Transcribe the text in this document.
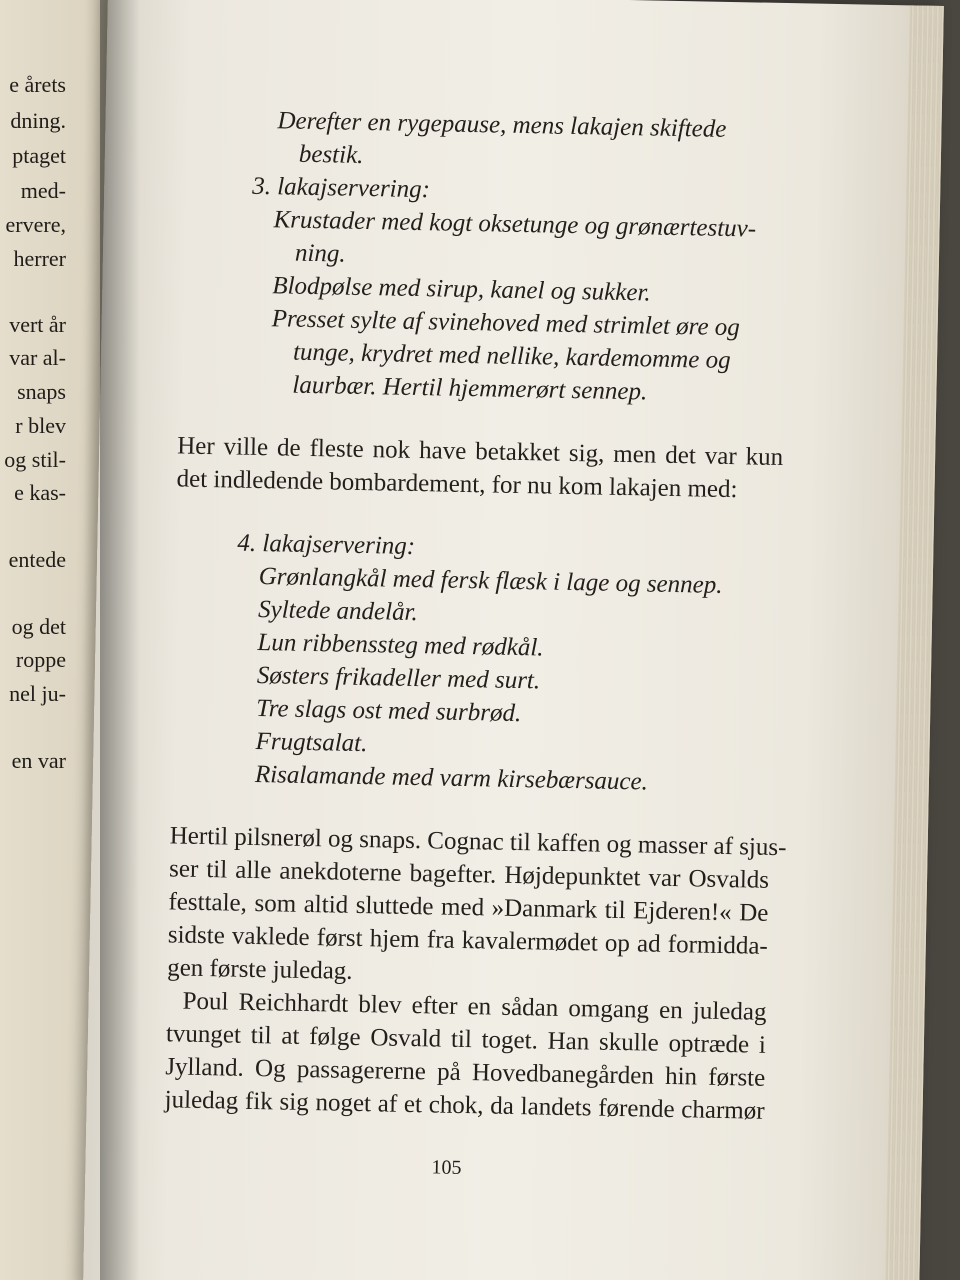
e årets
dning.
ptaget
med-
ervere,
herrer
vert år
var al-
snaps
r blev
og stil-
e kas-
entede
og det
roppe
nel ju-
en var
Derefter en rygepause, mens lakajen skiftede
bestik.
3. lakajservering:
Krustader med kogt oksetunge og grønærtestuv-
ning.
Blodpølse med sirup, kanel og sukker.
Presset sylte af svinehoved med strimlet øre og
tunge, krydret med nellike, kardemomme og
laurbær. Hertil hjemmerørt sennep.
Her ville de fleste nok have betakket sig, men det var kun
det indledende bombardement, for nu kom lakajen med:
4. lakajservering:
Grønlangkål med fersk flæsk i lage og sennep.
Syltede andelår.
Lun ribbenssteg med rødkål.
Søsters frikadeller med surt.
Tre slags ost med surbrød.
Frugtsalat.
Risalamande med varm kirsebærsauce.
Hertil pilsnerøl og snaps. Cognac til kaffen og masser af sjus-
ser til alle anekdoterne bagefter. Højdepunktet var Osvalds
festtale, som altid sluttede med »Danmark til Ejderen!« De
sidste vaklede først hjem fra kavalermødet op ad formidda-
gen første juledag.
Poul Reichhardt blev efter en sådan omgang en juledag
tvunget til at følge Osvald til toget. Han skulle optræde i
Jylland. Og passagererne på Hovedbanegården hin første
juledag fik sig noget af et chok, da landets førende charmør
105
